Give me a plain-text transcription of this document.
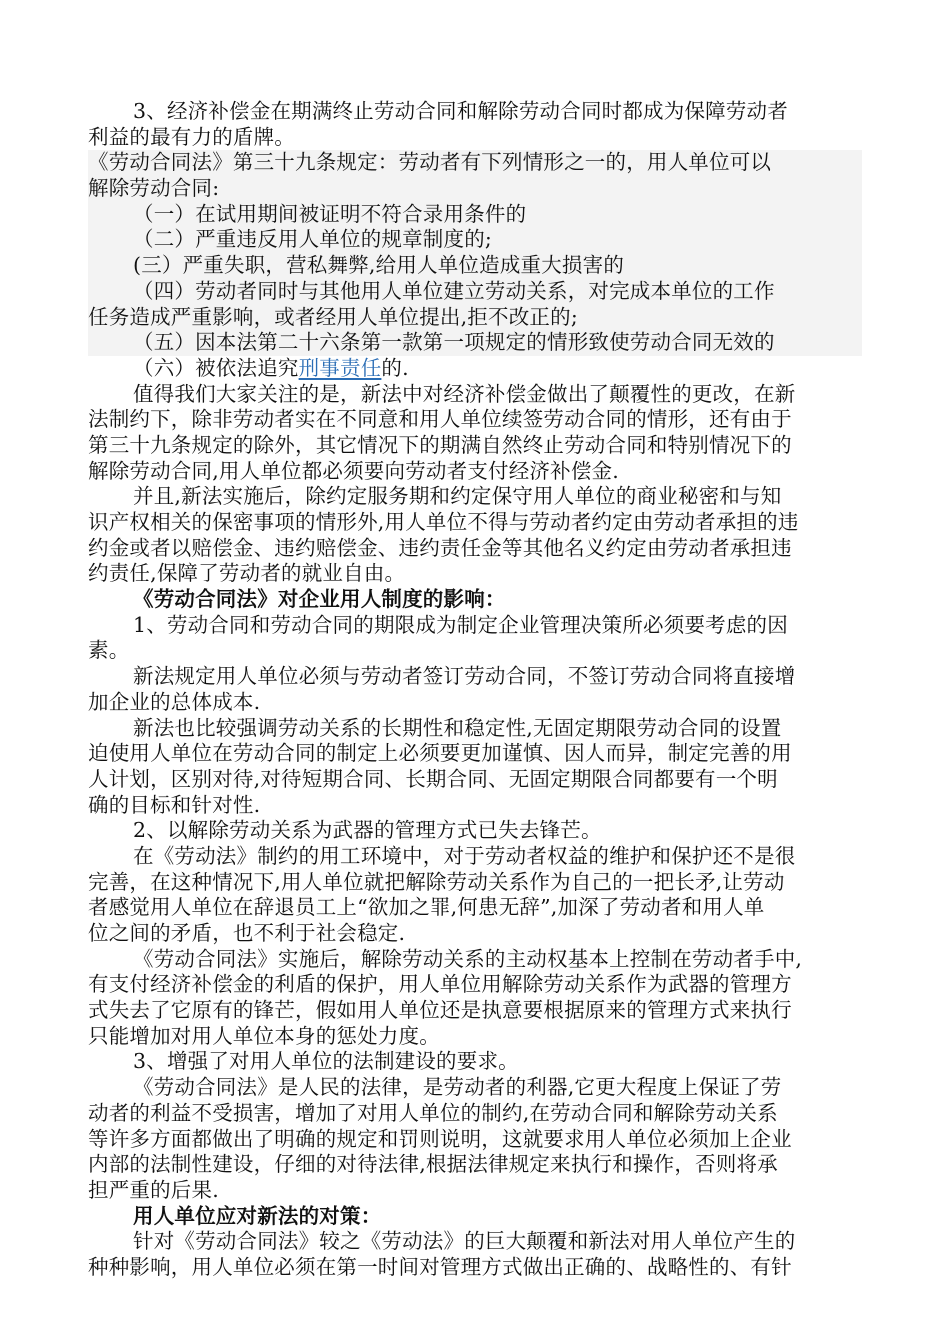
3、经济补偿金在期满终止劳动合同和解除劳动合同时都成为保障劳动者
利益的最有力的盾牌。
《劳动合同法》第三十九条规定：劳动者有下列情形之一的，用人单位可以
解除劳动合同:
（一）在试用期间被证明不符合录用条件的
（二）严重违反用人单位的规章制度的;
(三）严重失职，营私舞弊,给用人单位造成重大损害的
（四）劳动者同时与其他用人单位建立劳动关系，对完成本单位的工作
任务造成严重影响，或者经用人单位提出,拒不改正的;
（五）因本法第二十六条第一款第一项规定的情形致使劳动合同无效的
（六）被依法追究刑事责任的.
值得我们大家关注的是，新法中对经济补偿金做出了颠覆性的更改，在新
法制约下，除非劳动者实在不同意和用人单位续签劳动合同的情形，还有由于
第三十九条规定的除外，其它情况下的期满自然终止劳动合同和特别情况下的
解除劳动合同,用人单位都必须要向劳动者支付经济补偿金.
并且,新法实施后，除约定服务期和约定保守用人单位的商业秘密和与知
识产权相关的保密事项的情形外,用人单位不得与劳动者约定由劳动者承担的违
约金或者以赔偿金、违约赔偿金、违约责任金等其他名义约定由劳动者承担违
约责任,保障了劳动者的就业自由。
《劳动合同法》对企业用人制度的影响：
1、劳动合同和劳动合同的期限成为制定企业管理决策所必须要考虑的因
素。
新法规定用人单位必须与劳动者签订劳动合同，不签订劳动合同将直接增
加企业的总体成本.
新法也比较强调劳动关系的长期性和稳定性,无固定期限劳动合同的设置
迫使用人单位在劳动合同的制定上必须要更加谨慎、因人而异，制定完善的用
人计划，区别对待,对待短期合同、长期合同、无固定期限合同都要有一个明
确的目标和针对性.
2、以解除劳动关系为武器的管理方式已失去锋芒。
在《劳动法》制约的用工环境中，对于劳动者权益的维护和保护还不是很
完善，在这种情况下,用人单位就把解除劳动关系作为自己的一把长矛,让劳动
者感觉用人单位在辞退员工上“欲加之罪,何患无辞”,加深了劳动者和用人单
位之间的矛盾，也不利于社会稳定.
《劳动合同法》实施后，解除劳动关系的主动权基本上控制在劳动者手中,
有支付经济补偿金的利盾的保护，用人单位用解除劳动关系作为武器的管理方
式失去了它原有的锋芒，假如用人单位还是执意要根据原来的管理方式来执行
只能增加对用人单位本身的惩处力度。
3、增强了对用人单位的法制建设的要求。
《劳动合同法》是人民的法律，是劳动者的利器,它更大程度上保证了劳
动者的利益不受损害，增加了对用人单位的制约,在劳动合同和解除劳动关系
等许多方面都做出了明确的规定和罚则说明，这就要求用人单位必须加上企业
内部的法制性建设，仔细的对待法律,根据法律规定来执行和操作，否则将承
担严重的后果.
用人单位应对新法的对策：
针对《劳动合同法》较之《劳动法》的巨大颠覆和新法对用人单位产生的
种种影响，用人单位必须在第一时间对管理方式做出正确的、战略性的、有针
